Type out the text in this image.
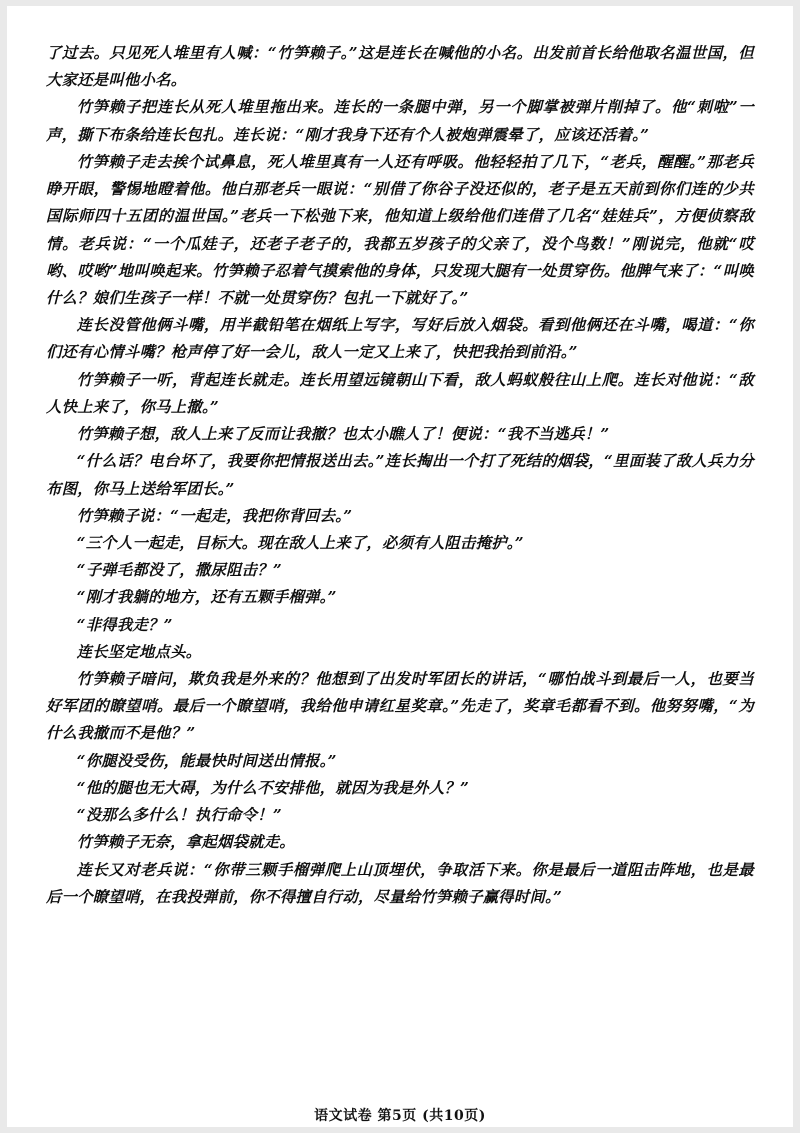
了过去。只见死人堆里有人喊：“竹笋赖子。”这是连长在喊他的小名。出发前首长给他取名温世国，但大家还是叫他小名。

竹笋赖子把连长从死人堆里拖出来。连长的一条腿中弹，另一个脚掌被弹片削掉了。他“刺啦”一声，撕下布条给连长包扎。连长说：“刚才我身下还有个人被炮弹震晕了，应该还活着。”

竹笋赖子走去挨个试鼻息，死人堆里真有一人还有呼吸。他轻轻拍了几下，“老兵，醒醒。”那老兵睁开眼，警惕地瞪着他。他白那老兵一眼说：“别借了你谷子没还似的，老子是五天前到你们连的少共国际师四十五团的温世国。”老兵一下松弛下来，他知道上级给他们连借了几名“娃娃兵”，方便侦察敌情。老兵说：“一个瓜娃子，还老子老子的，我都五岁孩子的父亲了，没个鸟数！”刚说完，他就“哎哟、哎哟”地叫唤起来。竹笋赖子忍着气摸索他的身体，只发现大腿有一处贯穿伤。他脾气来了：“叫唤什么？娘们生孩子一样！不就一处贯穿伤？包扎一下就好了。”

连长没管他俩斗嘴，用半截铅笔在烟纸上写字，写好后放入烟袋。看到他俩还在斗嘴，喝道：“你们还有心情斗嘴？枪声停了好一会儿，敌人一定又上来了，快把我抬到前沿。”

竹笋赖子一听，背起连长就走。连长用望远镜朝山下看，敌人蚂蚁般往山上爬。连长对他说：“敌人快上来了，你马上撤。”

竹笋赖子想，敌人上来了反而让我撤？也太小瞧人了！便说：“我不当逃兵！”

“什么话？电台坏了，我要你把情报送出去。”连长掏出一个打了死结的烟袋，“里面装了敌人兵力分布图，你马上送给军团长。”

竹笋赖子说：“一起走，我把你背回去。”

“三个人一起走，目标大。现在敌人上来了，必须有人阻击掩护。”

“子弹毛都没了，撒尿阻击？”

“刚才我躺的地方，还有五颗手榴弹。”

“非得我走？”

连长坚定地点头。

竹笋赖子暗问，欺负我是外来的？他想到了出发时军团长的讲话，“哪怕战斗到最后一人，也要当好军团的瞭望哨。最后一个瞭望哨，我给他申请红星奖章。”先走了，奖章毛都看不到。他努努嘴，“为什么我撤而不是他？”

“你腿没受伤，能最快时间送出情报。”

“他的腿也无大碍，为什么不安排他，就因为我是外人？”

“没那么多什么！执行命令！”

竹笋赖子无奈，拿起烟袋就走。

连长又对老兵说：“你带三颗手榴弹爬上山顶埋伏，争取活下来。你是最后一道阻击阵地，也是最后一个瞭望哨，在我投弹前，你不得擅自行动，尽量给竹笋赖子赢得时间。”

语文试卷 第5页 (共10页)
